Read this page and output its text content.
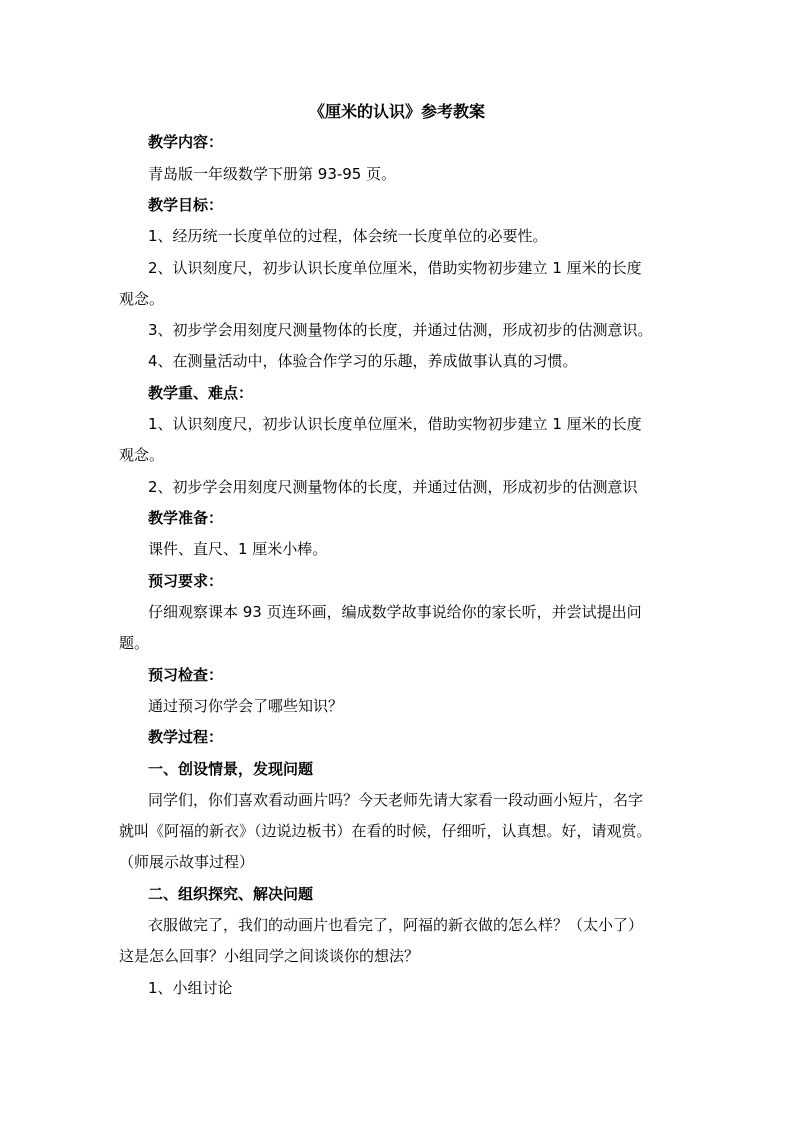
《厘米的认识》参考教案
教学内容：
青岛版一年级数学下册第 93-95 页。
教学目标：
1、经历统一长度单位的过程，体会统一长度单位的必要性。
2、认识刻度尺，初步认识长度单位厘米，借助实物初步建立 1 厘米的长度
观念。
3、初步学会用刻度尺测量物体的长度，并通过估测，形成初步的估测意识。
4、在测量活动中，体验合作学习的乐趣，养成做事认真的习惯。
教学重、难点：
1、认识刻度尺，初步认识长度单位厘米，借助实物初步建立 1 厘米的长度
观念。
2、初步学会用刻度尺测量物体的长度，并通过估测，形成初步的估测意识
教学准备：
课件、直尺、1 厘米小棒。
预习要求：
仔细观察课本 93 页连环画，编成数学故事说给你的家长听，并尝试提出问
题。
预习检查：
通过预习你学会了哪些知识？
教学过程：
一、创设情景，发现问题
同学们，你们喜欢看动画片吗？今天老师先请大家看一段动画小短片，名字
就叫《阿福的新衣》（边说边板书）在看的时候，仔细听，认真想。好，请观赏。
（师展示故事过程）
二、组织探究、解决问题
衣服做完了，我们的动画片也看完了，阿福的新衣做的怎么样？（太小了）
这是怎么回事？小组同学之间谈谈你的想法？
1、小组讨论
